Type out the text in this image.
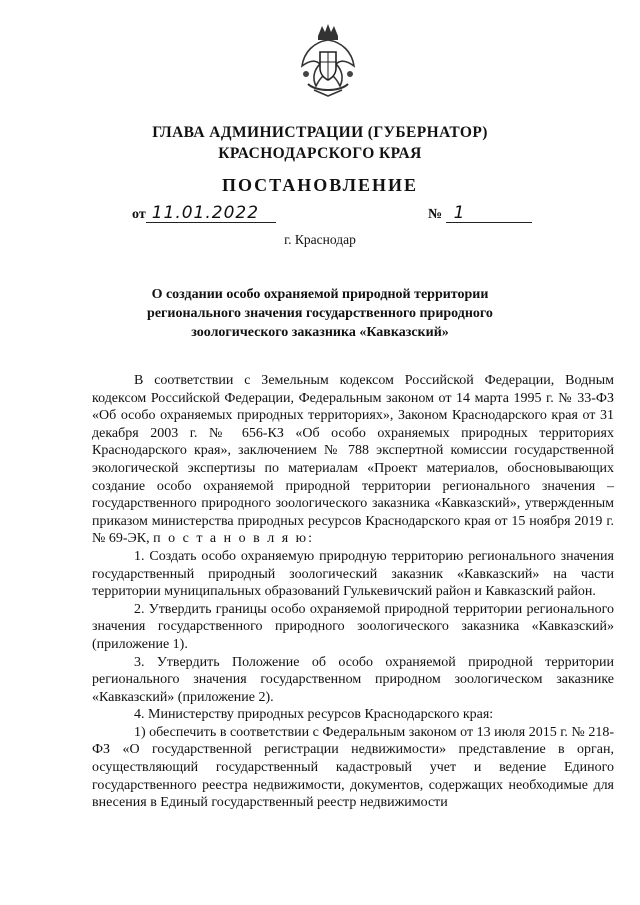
ГЛАВА АДМИНИСТРАЦИИ (ГУБЕРНАТОР)
КРАСНОДАРСКОГО КРАЯ
ПОСТАНОВЛЕНИЕ
от 11.01.2022	№ 1
г. Краснодар
О создании особо охраняемой природной территории
регионального значения государственного природного
зоологического заказника «Кавказский»

В соответствии с Земельным кодексом Российской Федерации, Водным кодексом Российской Федерации, Федеральным законом от 14 марта 1995 г. № 33-ФЗ «Об особо охраняемых природных территориях», Законом Краснодарского края от 31 декабря 2003 г. № 656-КЗ «Об особо охраняемых природных территориях Краснодарского края», заключением № 788 экспертной комиссии государственной экологической экспертизы по материалам «Проект материалов, обосновывающих создание особо охраняемой природной территории регионального значения – государственного природного зоологического заказника «Кавказский», утвержденным приказом министерства природных ресурсов Краснодарского края от 15 ноября 2019 г. № 69-ЭК, п о с т а н о в л я ю:

1. Создать особо охраняемую природную территорию регионального значения государственный природный зоологический заказник «Кавказский» на части территории муниципальных образований Гулькевичский район и Кавказский район.

2. Утвердить границы особо охраняемой природной территории регионального значения государственного природного зоологического заказника «Кавказский» (приложение 1).

3. Утвердить Положение об особо охраняемой природной территории регионального значения государственном природном зоологическом заказнике «Кавказский» (приложение 2).

4. Министерству природных ресурсов Краснодарского края:

1) обеспечить в соответствии с Федеральным законом от 13 июля 2015 г. № 218-ФЗ «О государственной регистрации недвижимости» представление в орган, осуществляющий государственный кадастровый учет и ведение Единого государственного реестра недвижимости, документов, содержащих необходимые для внесения в Единый государственный реестр недвижимости
